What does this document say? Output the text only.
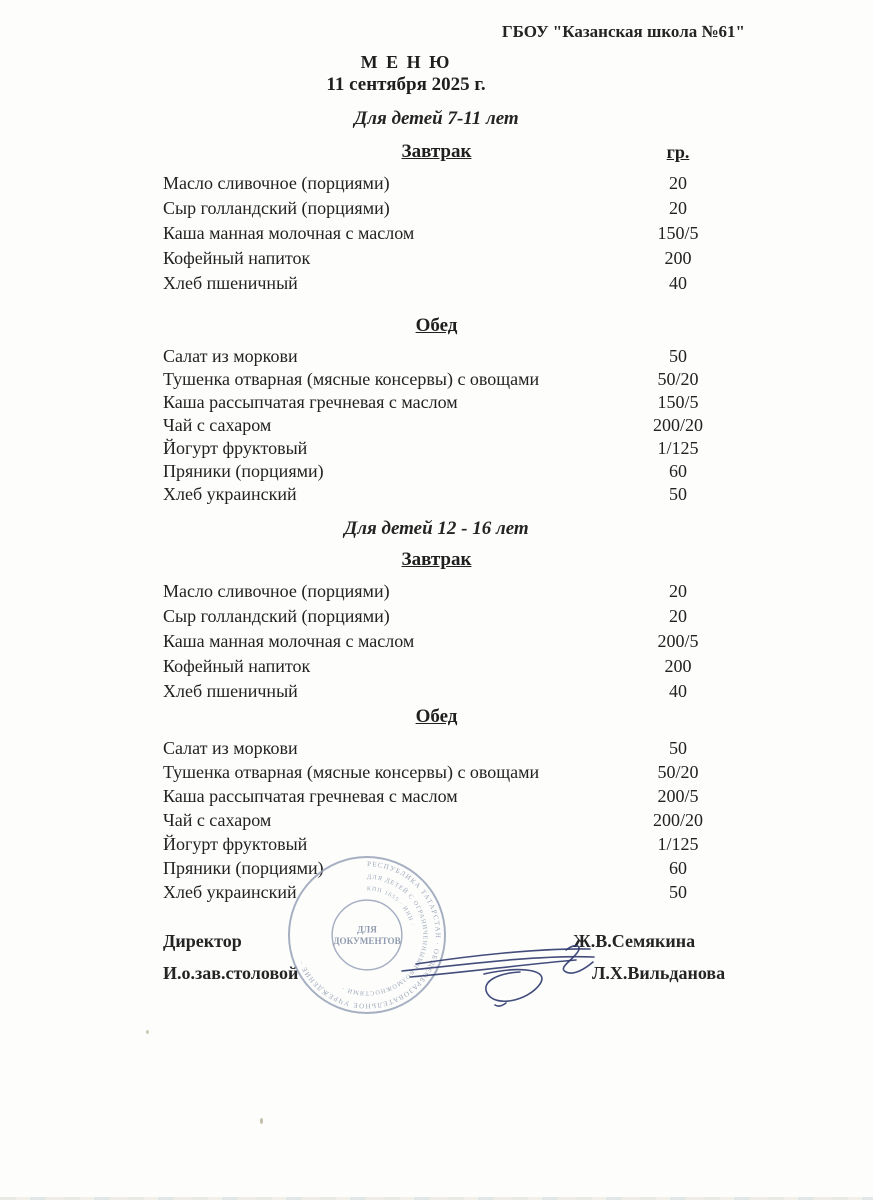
ГБОУ "Казанская школа №61"
М Е Н Ю
11 сентября 2025 г.
Для детей 7-11 лет
Завтрак	гр.
Масло сливочное (порциями)	20
Сыр голландский (порциями)	20
Каша манная молочная с маслом	150/5
Кофейный напиток	200
Хлеб пшеничный	40
Обед
Салат из моркови	50
Тушенка отварная (мясные консервы) с овощами	50/20
Каша рассыпчатая гречневая с маслом	150/5
Чай с сахаром	200/20
Йогурт фруктовый	1/125
Пряники (порциями)	60
Хлеб украинский	50
Для детей 12 - 16 лет
Завтрак
Масло сливочное (порциями)	20
Сыр голландский (порциями)	20
Каша манная молочная с маслом	200/5
Кофейный напиток	200
Хлеб пшеничный	40
Обед
Салат из моркови	50
Тушенка отварная (мясные консервы) с овощами	50/20
Каша рассыпчатая гречневая с маслом	200/5
Чай с сахаром	200/20
Йогурт фруктовый	1/125
Пряники (порциями)	60
Хлеб украинский	50
Директор	Ж.В.Семякина
И.о.зав.столовой	Л.Х.Вильданова
РЕСПУБЛИКА ТАТАРСТАН · ОБЩЕОБРАЗОВАТЕЛЬНОЕ УЧРЕЖДЕНИЕ ·
ДЛЯ ДЕТЕЙ С ОГРАНИЧЕННЫМИ ВОЗМОЖНОСТЯМИ ·
КПП 1655 · ИНН ·
ДЛЯ
ДОКУМЕНТОВ
